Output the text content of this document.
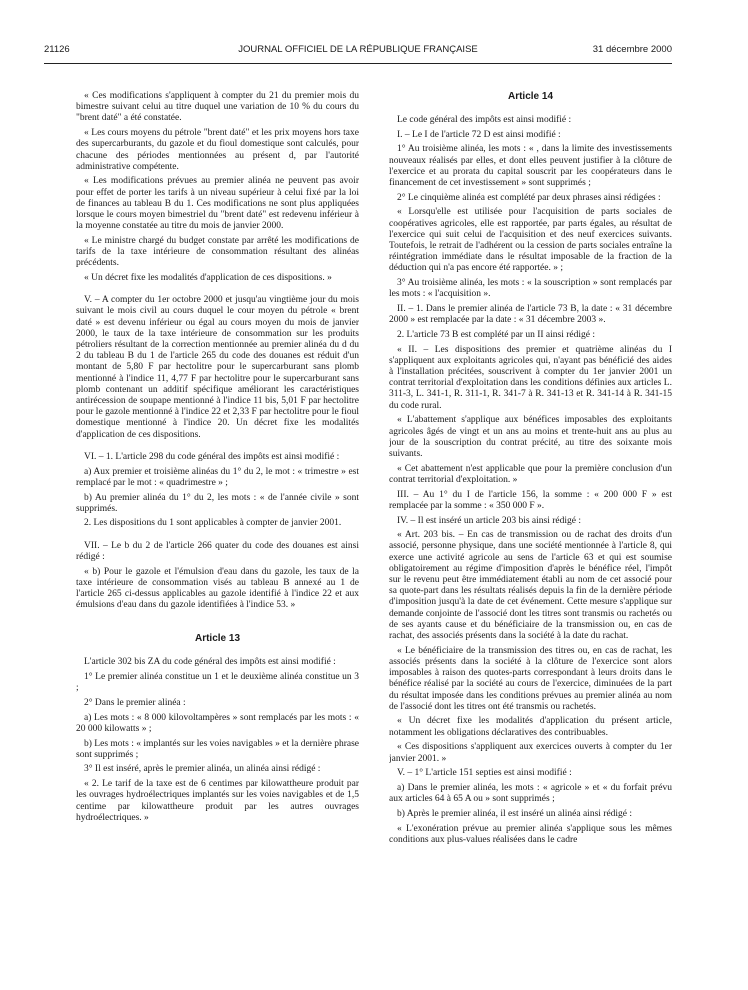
21126	JOURNAL OFFICIEL DE LA RÉPUBLIQUE FRANÇAISE	31 décembre 2000

« Ces modifications s'appliquent à compter du 21 du premier mois du bimestre suivant celui au titre duquel une variation de 10 % du cours du "brent daté" a été constatée.

« Les cours moyens du pétrole "brent daté" et les prix moyens hors taxe des supercarburants, du gazole et du fioul domestique sont calculés, pour chacune des périodes mentionnées au présent d, par l'autorité administrative compétente.

« Les modifications prévues au premier alinéa ne peuvent pas avoir pour effet de porter les tarifs à un niveau supérieur à celui fixé par la loi de finances au tableau B du 1. Ces modifications ne sont plus appliquées lorsque le cours moyen bimestriel du "brent daté" est redevenu inférieur à la moyenne constatée au titre du mois de janvier 2000.

« Le ministre chargé du budget constate par arrêté les modifications de tarifs de la taxe intérieure de consommation résultant des alinéas précédents.

« Un décret fixe les modalités d'application de ces dispositions. »

V. – A compter du 1er octobre 2000 et jusqu'au vingtième jour du mois suivant le mois civil au cours duquel le cour moyen du pétrole « brent daté » est devenu inférieur ou égal au cours moyen du mois de janvier 2000, le taux de la taxe intérieure de consommation sur les produits pétroliers résultant de la correction mentionnée au premier alinéa du d du 2 du tableau B du 1 de l'article 265 du code des douanes est réduit d'un montant de 5,80 F par hectolitre pour le supercarburant sans plomb mentionné à l'indice 11, 4,77 F par hectolitre pour le supercarburant sans plomb contenant un additif spécifique améliorant les caractéristiques antirécession de soupape mentionné à l'indice 11 bis, 5,01 F par hectolitre pour le gazole mentionné à l'indice 22 et 2,33 F par hectolitre pour le fioul domestique mentionné à l'indice 20. Un décret fixe les modalités d'application de ces dispositions.

VI. – 1. L'article 298 du code général des impôts est ainsi modifié :

a) Aux premier et troisième alinéas du 1° du 2, le mot : « trimestre » est remplacé par le mot : « quadrimestre » ;

b) Au premier alinéa du 1° du 2, les mots : « de l'année civile » sont supprimés.

2. Les dispositions du 1 sont applicables à compter de janvier 2001.

VII. – Le b du 2 de l'article 266 quater du code des douanes est ainsi rédigé :

« b) Pour le gazole et l'émulsion d'eau dans du gazole, les taux de la taxe intérieure de consommation visés au tableau B annexé au 1 de l'article 265 ci-dessus applicables au gazole identifié à l'indice 22 et aux émulsions d'eau dans du gazole identifiées à l'indice 53. »

Article 13

L'article 302 bis ZA du code général des impôts est ainsi modifié :

1° Le premier alinéa constitue un 1 et le deuxième alinéa constitue un 3 ;

2° Dans le premier alinéa :

a) Les mots : « 8 000 kilovoltampères » sont remplacés par les mots : « 20 000 kilowatts » ;

b) Les mots : « implantés sur les voies navigables » et la dernière phrase sont supprimés ;

3° Il est inséré, après le premier alinéa, un alinéa ainsi rédigé :

« 2. Le tarif de la taxe est de 6 centimes par kilowattheure produit par les ouvrages hydroélectriques implantés sur les voies navigables et de 1,5 centime par kilowattheure produit par les autres ouvrages hydroélectriques. »

Article 14

Le code général des impôts est ainsi modifié :

I. – Le I de l'article 72 D est ainsi modifié :

1° Au troisième alinéa, les mots : « , dans la limite des investissements nouveaux réalisés par elles, et dont elles peuvent justifier à la clôture de l'exercice et au prorata du capital souscrit par les coopérateurs dans le financement de cet investissement » sont supprimés ;

2° Le cinquième alinéa est complété par deux phrases ainsi rédigées :

« Lorsqu'elle est utilisée pour l'acquisition de parts sociales de coopératives agricoles, elle est rapportée, par parts égales, au résultat de l'exercice qui suit celui de l'acquisition et des neuf exercices suivants. Toutefois, le retrait de l'adhérent ou la cession de parts sociales entraîne la réintégration immédiate dans le résultat imposable de la fraction de la déduction qui n'a pas encore été rapportée. » ;

3° Au troisième alinéa, les mots : « la souscription » sont remplacés par les mots : « l'acquisition ».

II. – 1. Dans le premier alinéa de l'article 73 B, la date : « 31 décembre 2000 » est remplacée par la date : « 31 décembre 2003 ».

2. L'article 73 B est complété par un II ainsi rédigé :

« II. – Les dispositions des premier et quatrième alinéas du I s'appliquent aux exploitants agricoles qui, n'ayant pas bénéficié des aides à l'installation précitées, souscrivent à compter du 1er janvier 2001 un contrat territorial d'exploitation dans les conditions définies aux articles L. 311-3, L. 341-1, R. 311-1, R. 341-7 à R. 341-13 et R. 341-14 à R. 341-15 du code rural.

« L'abattement s'applique aux bénéfices imposables des exploitants agricoles âgés de vingt et un ans au moins et trente-huit ans au plus au jour de la souscription du contrat précité, au titre des soixante mois suivants.

« Cet abattement n'est applicable que pour la première conclusion d'un contrat territorial d'exploitation. »

III. – Au 1° du I de l'article 156, la somme : « 200 000 F » est remplacée par la somme : « 350 000 F ».

IV. – Il est inséré un article 203 bis ainsi rédigé :

« Art. 203 bis. – En cas de transmission ou de rachat des droits d'un associé, personne physique, dans une société mentionnée à l'article 8, qui exerce une activité agricole au sens de l'article 63 et qui est soumise obligatoirement au régime d'imposition d'après le bénéfice réel, l'impôt sur le revenu peut être immédiatement établi au nom de cet associé pour sa quote-part dans les résultats réalisés depuis la fin de la dernière période d'imposition jusqu'à la date de cet événement. Cette mesure s'applique sur demande conjointe de l'associé dont les titres sont transmis ou rachetés ou de ses ayants cause et du bénéficiaire de la transmission ou, en cas de rachat, des associés présents dans la société à la date du rachat.

« Le bénéficiaire de la transmission des titres ou, en cas de rachat, les associés présents dans la société à la clôture de l'exercice sont alors imposables à raison des quotes-parts correspondant à leurs droits dans le bénéfice réalisé par la société au cours de l'exercice, diminuées de la part du résultat imposée dans les conditions prévues au premier alinéa au nom de l'associé dont les titres ont été transmis ou rachetés.

« Un décret fixe les modalités d'application du présent article, notamment les obligations déclaratives des contribuables.

« Ces dispositions s'appliquent aux exercices ouverts à compter du 1er janvier 2001. »

V. – 1° L'article 151 septies est ainsi modifié :

a) Dans le premier alinéa, les mots : « agricole » et « du forfait prévu aux articles 64 à 65 A ou » sont supprimés ;

b) Après le premier alinéa, il est inséré un alinéa ainsi rédigé :

« L'exonération prévue au premier alinéa s'applique sous les mêmes conditions aux plus-values réalisées dans le cadre
